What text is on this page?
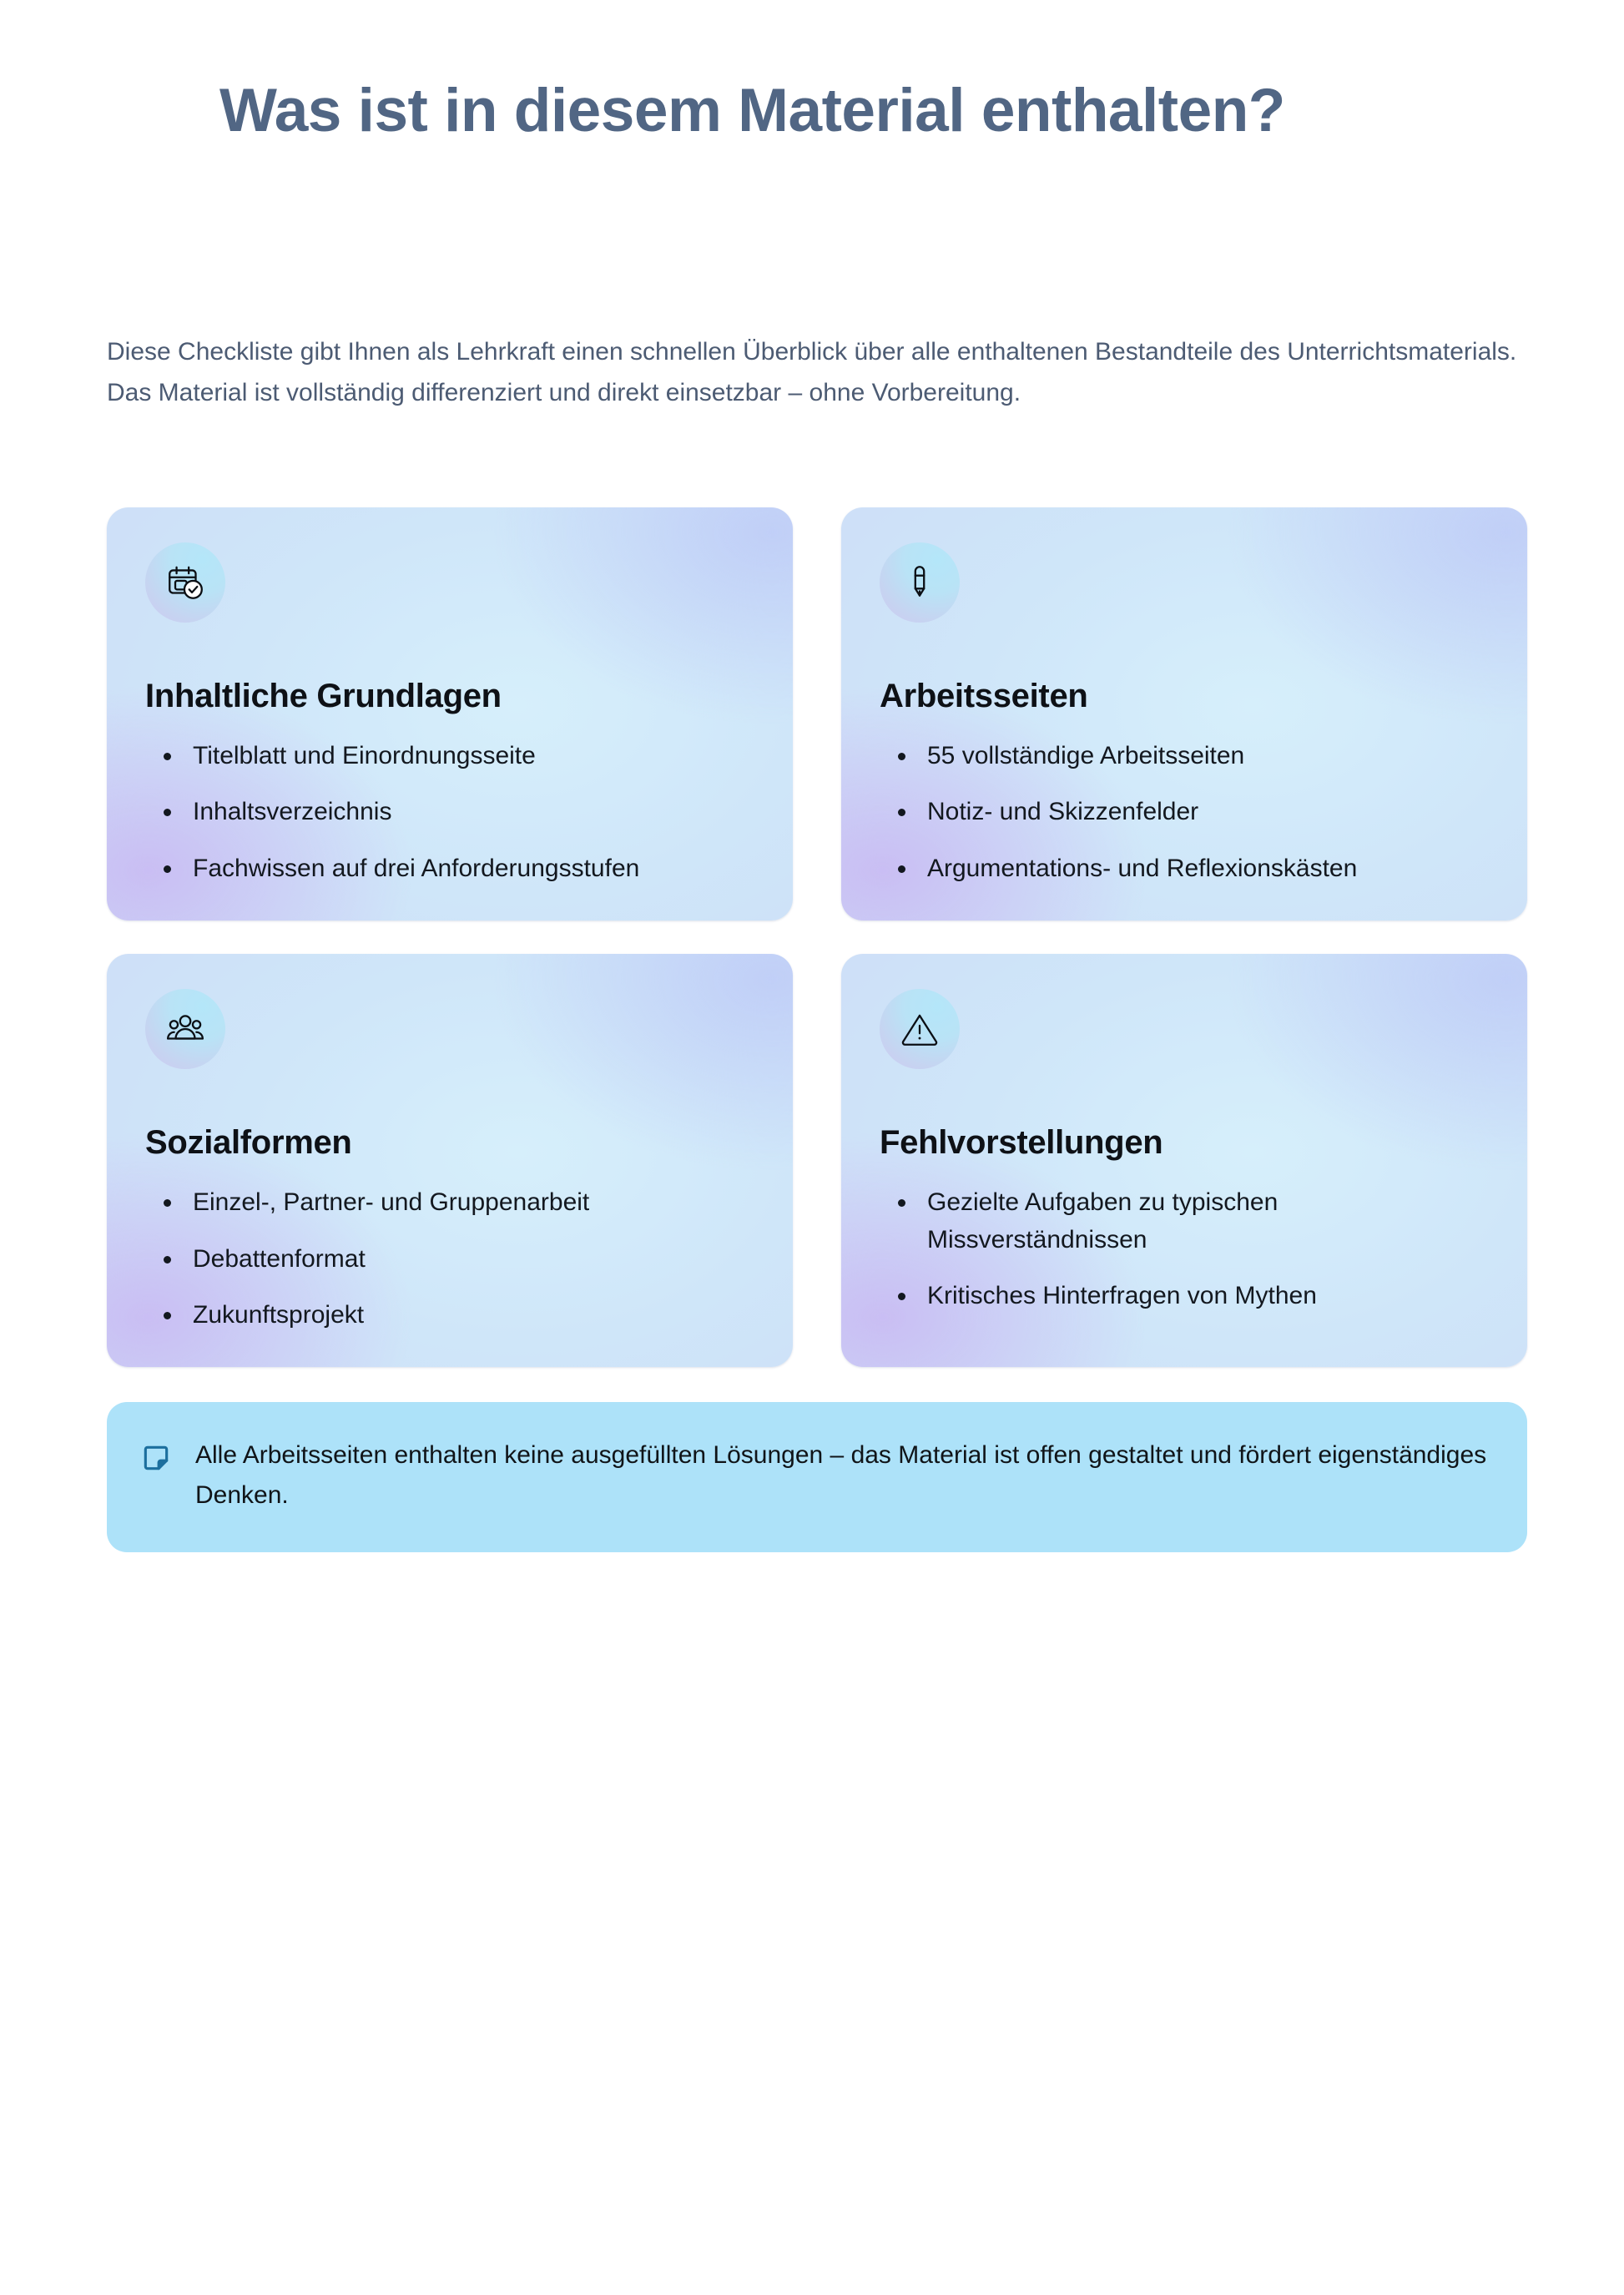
Was ist in diesem Material enthalten?

Diese Checkliste gibt Ihnen als Lehrkraft einen schnellen Überblick über alle enthaltenen Bestandteile des Unterrichtsmaterials. Das Material ist vollständig differenziert und direkt einsetzbar – ohne Vorbereitung.

Inhaltliche Grundlagen
Titelblatt und Einordnungsseite
Inhaltsverzeichnis
Fachwissen auf drei Anforderungsstufen
Arbeitsseiten
55 vollständige Arbeitsseiten
Notiz- und Skizzenfelder
Argumentations- und Reflexionskästen
Sozialformen
Einzel-, Partner- und Gruppenarbeit
Debattenformat
Zukunftsprojekt
Fehlvorstellungen
Gezielte Aufgaben zu typischen Missverständnissen
Kritisches Hinterfragen von Mythen

Alle Arbeitsseiten enthalten keine ausgefüllten Lösungen – das Material ist offen gestaltet und fördert eigenständiges Denken.
